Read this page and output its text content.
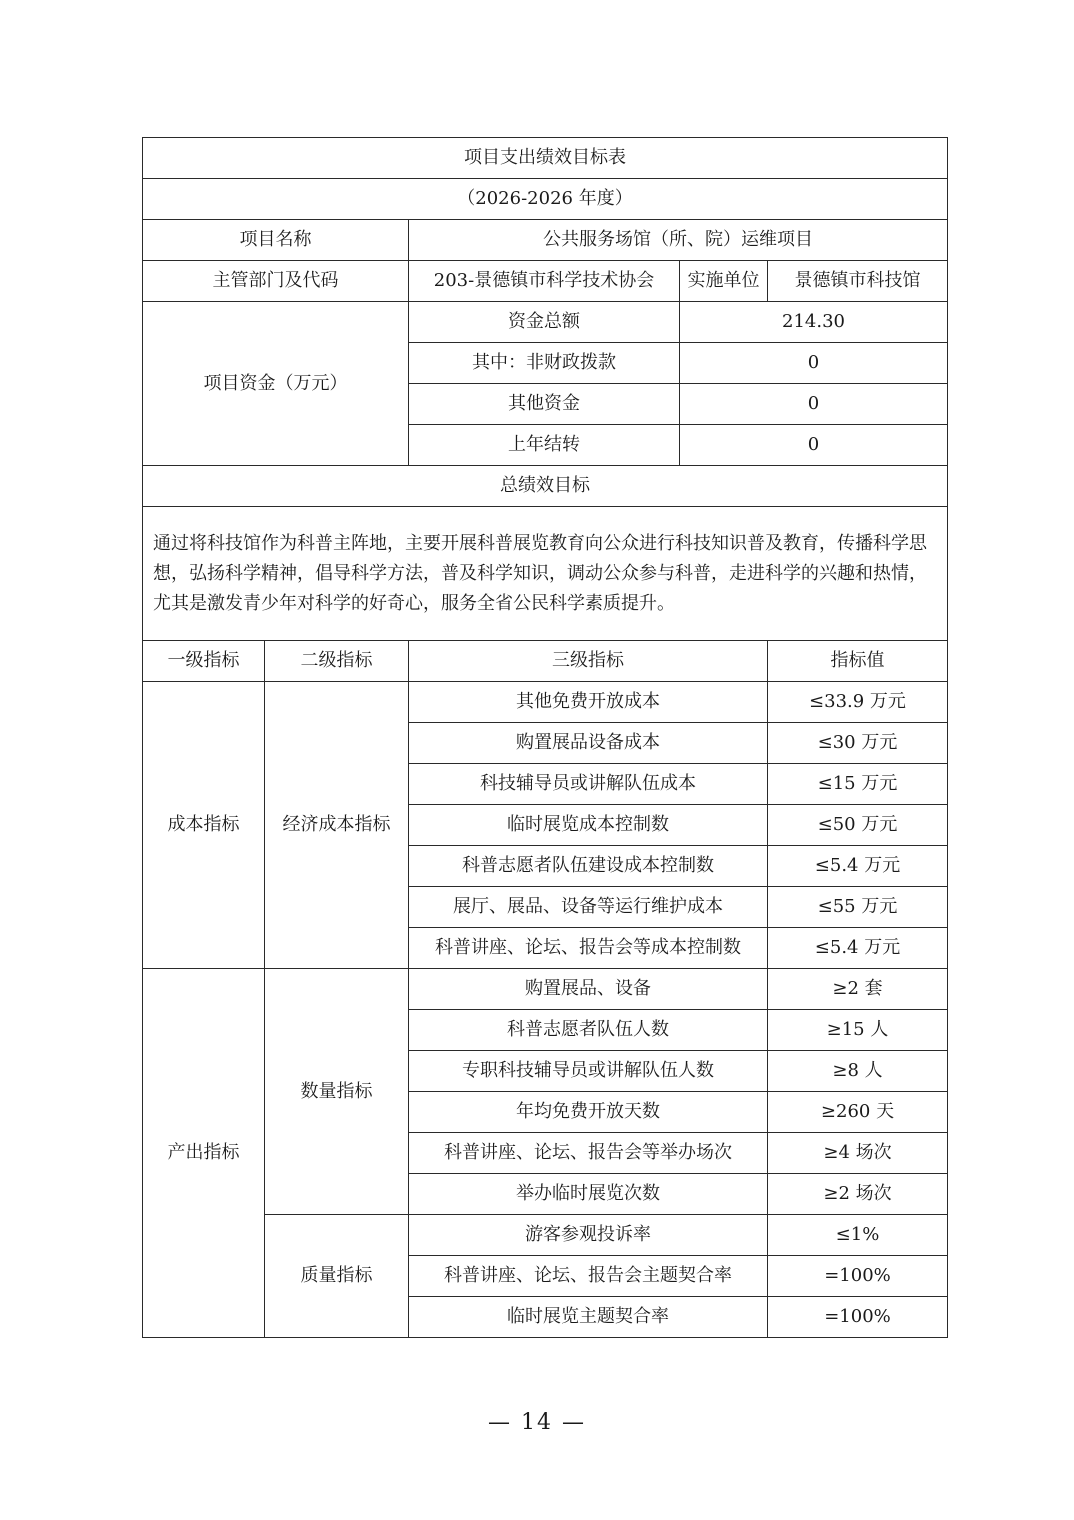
项目支出绩效目标表				
（2026-2026 年度）				
项目名称		公共服务场馆（所、院）运维项目		
主管部门及代码		203-景德镇市科学技术协会	实施单位	景德镇市科技馆
项目资金（万元）		资金总额	214.30	
		其中：非财政拨款	0	
		其他资金	0	
		上年结转	0	
总绩效目标				
通过将科技馆作为科普主阵地，主要开展科普展览教育向公众进行科技知识普及教育，传播科学思想，弘扬科学精神，倡导科学方法，普及科学知识，调动公众参与科普，走进科学的兴趣和热情，尤其是激发青少年对科学的好奇心，服务全省公民科学素质提升。				
一级指标	二级指标	三级指标		指标值
成本指标	经济成本指标	其他免费开放成本		≤33.9 万元
		购置展品设备成本		≤30 万元
		科技辅导员或讲解队伍成本		≤15 万元
		临时展览成本控制数		≤50 万元
		科普志愿者队伍建设成本控制数		≤5.4 万元
		展厅、展品、设备等运行维护成本		≤55 万元
		科普讲座、论坛、报告会等成本控制数		≤5.4 万元
产出指标	数量指标	购置展品、设备		≥2 套
		科普志愿者队伍人数		≥15 人
		专职科技辅导员或讲解队伍人数		≥8 人
		年均免费开放天数		≥260 天
		科普讲座、论坛、报告会等举办场次		≥4 场次
		举办临时展览次数		≥2 场次
	质量指标	游客参观投诉率		≤1%
		科普讲座、论坛、报告会主题契合率		=100%
		临时展览主题契合率		=100%
— 14 —
